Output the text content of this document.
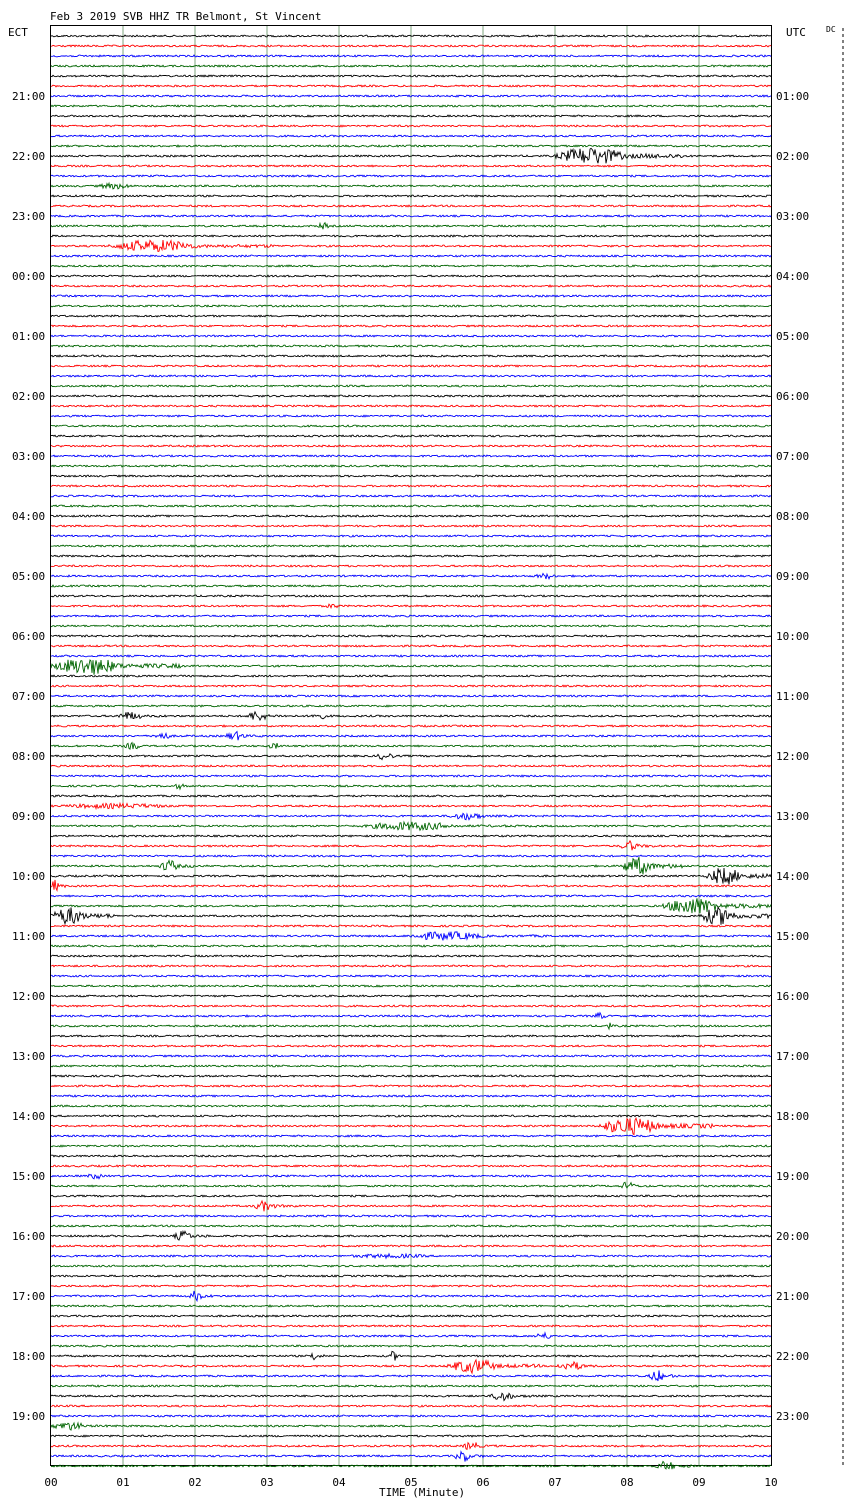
Feb 3 2019 SVB HHZ TR Belmont, St Vincent
ECT	UTC	DC
TIME (Minute)
21:00
22:00
23:00
00:00
01:00
02:00
03:00
04:00
05:00
06:00
07:00
08:00
09:00
10:00
11:00
12:00
13:00
14:00
15:00
16:00
17:00
18:00
19:00
01:00
02:00
03:00
04:00
05:00
06:00
07:00
08:00
09:00
10:00
11:00
12:00
13:00
14:00
15:00
16:00
17:00
18:00
19:00
20:00
21:00
22:00
23:00
00	01	02	03	04	05	06	07	08	09	10
